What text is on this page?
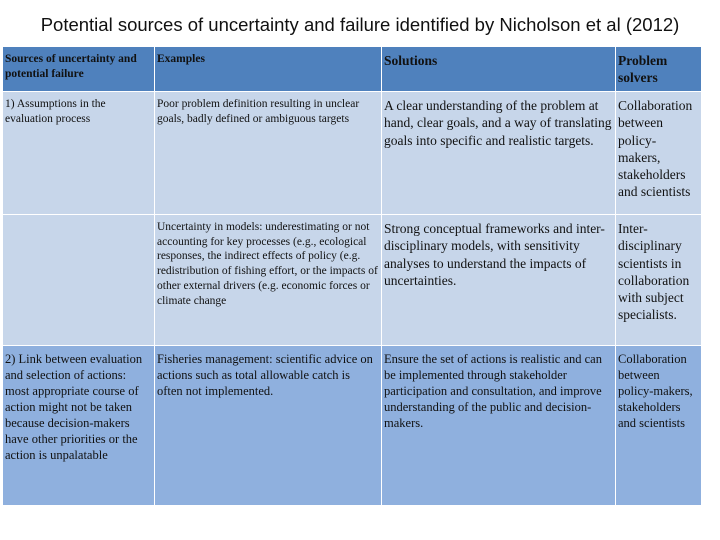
Potential sources of uncertainty and failure identified by Nicholson et al (2012)
Sources of uncertainty and potential failure	Examples	Solutions	Problem solvers
1) Assumptions in the evaluation process	Poor problem definition resulting in unclear goals, badly defined or ambiguous targets	A clear understanding of the problem at hand, clear goals, and a way of translating goals into specific and realistic targets.	Collaboration between policy-makers, stakeholders and scientists
	Uncertainty in models: underestimating or not accounting for key processes (e.g., ecological responses, the indirect effects of policy (e.g. redistribution of fishing effort, or the impacts of other external drivers (e.g. economic forces or climate change	Strong conceptual frameworks and inter-disciplinary models, with sensitivity analyses to understand the impacts of uncertainties.	Inter-disciplinary scientists in collaboration with subject specialists.
2) Link between evaluation and selection of actions: most appropriate course of action might not be taken because decision-makers have other priorities or the action is unpalatable	Fisheries management: scientific advice on actions such as total allowable catch is often not implemented.	Ensure the set of actions is realistic and can be implemented through stakeholder participation and consultation, and improve understanding of the public and decision-makers.	Collaboration between policy-makers, stakeholders and scientists
